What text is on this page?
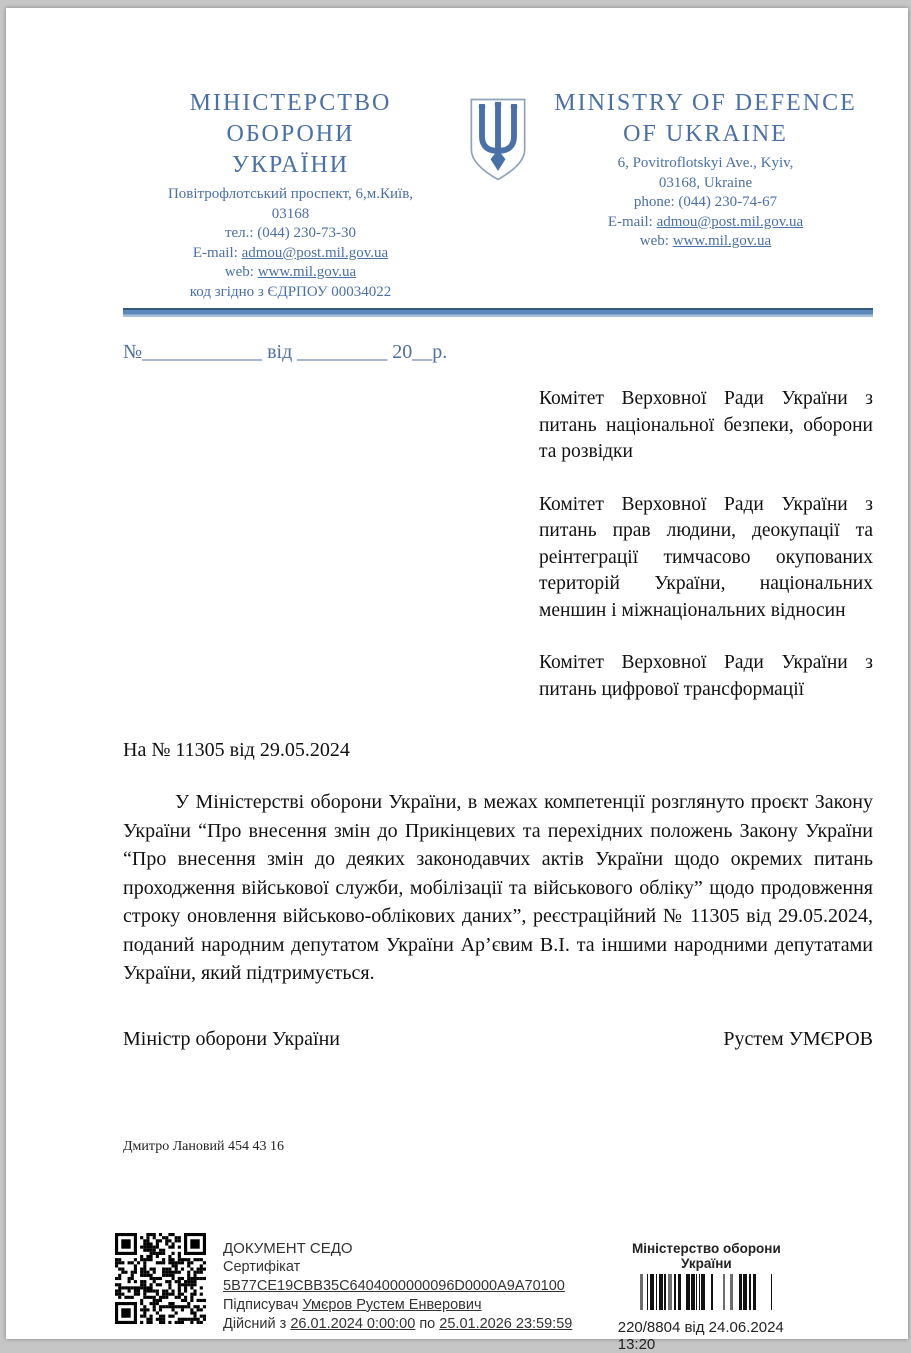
МІНІСТЕРСТВО ОБОРОНИ
УКРАЇНИ
Повітрофлотський проспект, 6,м.Київ,
03168
тел.: (044) 230-73-30
E-mail: admou@post.mil.gov.ua
web: www.mil.gov.ua
код згідно з ЄДРПОУ 00034022
MINISTRY OF DEFENCE
OF UKRAINE
6, Povitroflotskyi Ave., Kyiv,
03168, Ukraine
phone: (044) 230-74-67
E-mail: admou@post.mil.gov.ua
web: www.mil.gov.ua
№____________ від _________ 20__р.
Комітет Верховної Ради України з питань національної безпеки, оборони та розвідки
Комітет Верховної Ради України з питань прав людини, деокупації та реінтеграції тимчасово окупованих територій України, національних меншин і міжнаціональних відносин
Комітет Верховної Ради України з питань цифрової трансформації
На № 11305 від 29.05.2024
У Міністерстві оборони України, в межах компетенції розглянуто проєкт Закону України “Про внесення змін до Прикінцевих та перехідних положень Закону України “Про внесення змін до деяких законодавчих актів України щодо окремих питань проходження військової служби, мобілізації та військового обліку” щодо продовження строку оновлення військово-облікових даних”, реєстраційний № 11305 від 29.05.2024, поданий народним депутатом України Ар’євим В.І. та іншими народними депутатами України, який підтримується.
Міністр оборони України	Рустем УМЄРОВ
Дмитро Лановий 454 43 16
ДОКУМЕНТ СЕДО
Сертифікат 5B77CE19CBB35C6404000000096D0000A9A70100
Підписувач Умєров Рустем Енверович
Дійсний з 26.01.2024 0:00:00 по 25.01.2026 23:59:59
Міністерство оборони України
220/8804 від 24.06.2024 13:20
